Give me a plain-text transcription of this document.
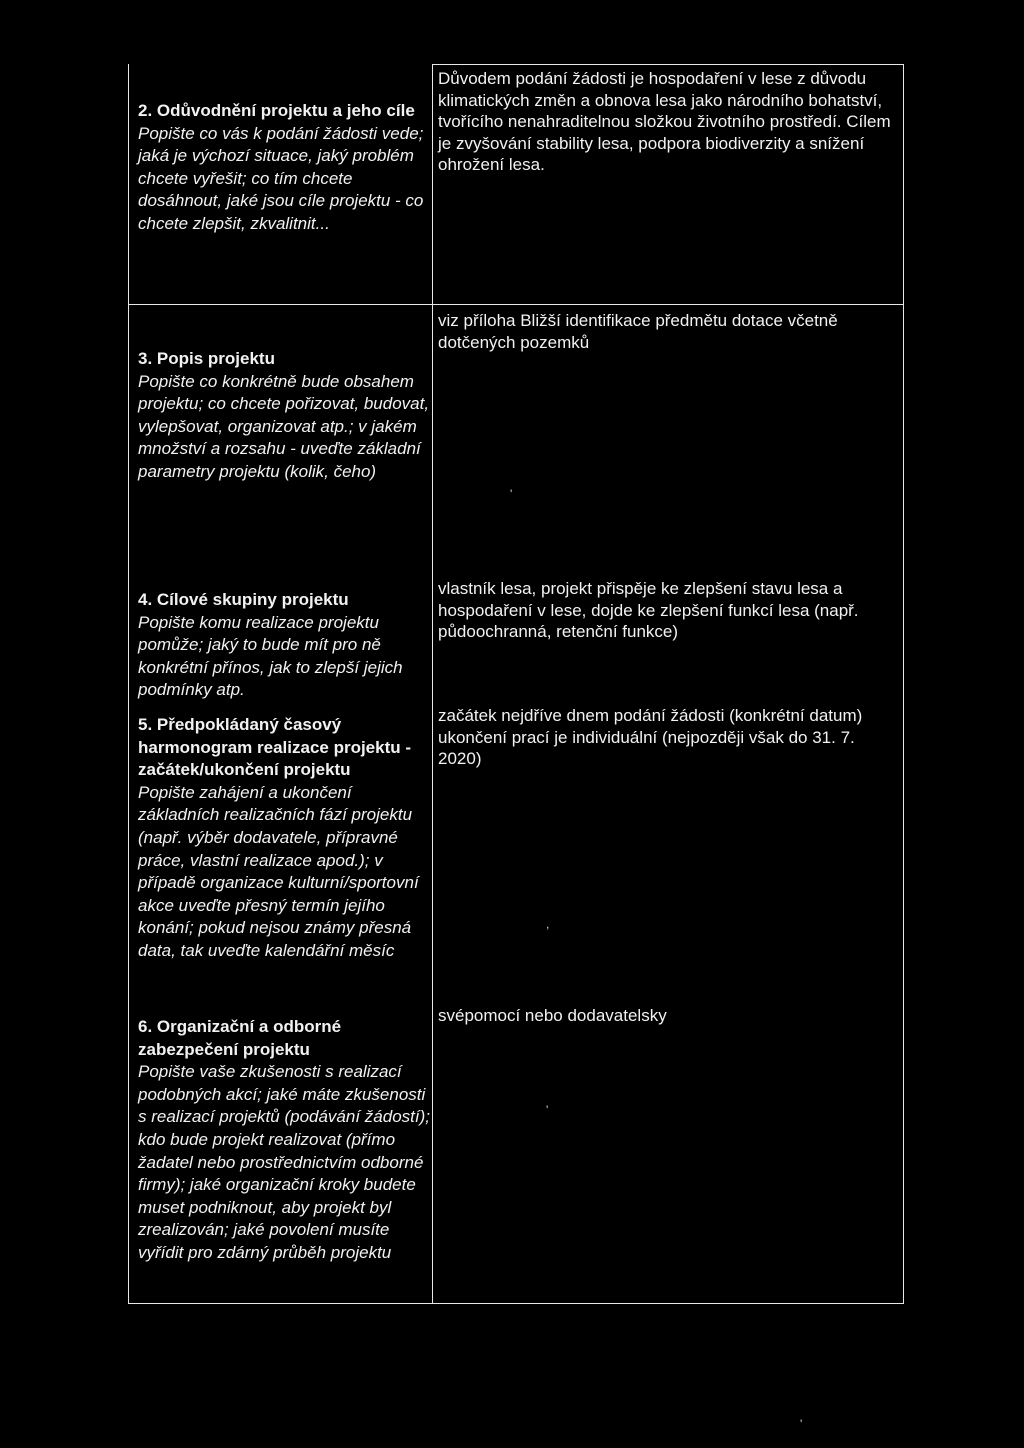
2. Odůvodnění projektu a jeho cíle
Popište co vás k podání žádosti vede; jaká je výchozí situace, jaký problém chcete vyřešit; co tím chcete dosáhnout, jaké jsou cíle projektu - co chcete zlepšit, zkvalitnit...

Důvodem podání žádosti je hospodaření v lese z důvodu klimatických změn a obnova lesa jako národního bohatství, tvořícího nenahraditelnou složkou životního prostředí. Cílem je zvyšování stability lesa, podpora biodiverzity a snížení ohrožení lesa.

3. Popis projektu
Popište co konkrétně bude obsahem projektu; co chcete pořizovat, budovat, vylepšovat, organizovat atp.; v jakém množství a rozsahu - uveďte základní parametry projektu (kolik, čeho)

viz příloha Bližší identifikace předmětu dotace včetně dotčených pozemků

4. Cílové skupiny projektu
Popište komu realizace projektu pomůže; jaký to bude mít pro ně konkrétní přínos, jak to zlepší jejich podmínky atp.

vlastník lesa, projekt přispěje ke zlepšení stavu lesa a hospodaření v lese, dojde ke zlepšení funkcí lesa (např. půdoochranná, retenční funkce)

5. Předpokládaný časový harmonogram realizace projektu - začátek/ukončení projektu
Popište zahájení a ukončení základních realizačních fází projektu (např. výběr dodavatele, přípravné práce, vlastní realizace apod.); v případě organizace kulturní/sportovní akce uveďte přesný termín jejího konání; pokud nejsou známy přesná data, tak uveďte kalendářní měsíc

začátek nejdříve dnem podání žádosti (konkrétní datum)

ukončení prací je individuální (nejpozději však do 31. 7. 2020)

6. Organizační a odborné zabezpečení projektu
Popište vaše zkušenosti s realizací podobných akcí; jaké máte zkušenosti s realizací projektů (podávání žádostí); kdo bude projekt realizovat (přímo žadatel nebo prostřednictvím odborné firmy); jaké organizační kroky budete muset podniknout, aby projekt byl zrealizován; jaké povolení musíte vyřídit pro zdárný průběh projektu

svépomocí nebo dodavatelsky

'
,
'
'
